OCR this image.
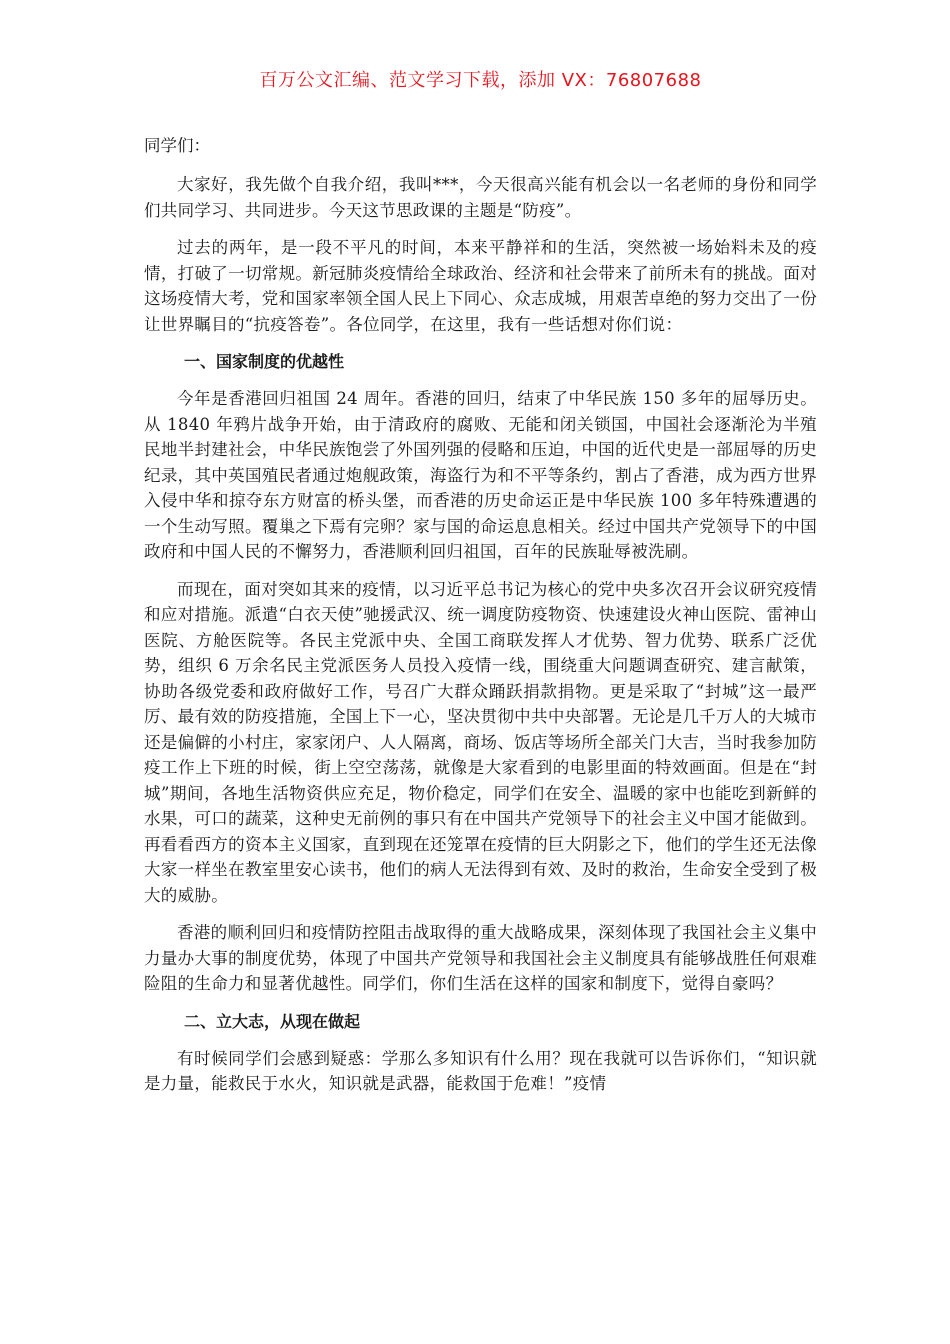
百万公文汇编、范文学习下载，添加 VX：76807688
同学们：

大家好，我先做个自我介绍，我叫***，今天很高兴能有机会以一名老师的身份和同学们共同学习、共同进步。今天这节思政课的主题是“防疫”。

过去的两年，是一段不平凡的时间，本来平静祥和的生活，突然被一场始料未及的疫情，打破了一切常规。新冠肺炎疫情给全球政治、经济和社会带来了前所未有的挑战。面对这场疫情大考，党和国家率领全国人民上下同心、众志成城，用艰苦卓绝的努力交出了一份让世界瞩目的“抗疫答卷”。各位同学，在这里，我有一些话想对你们说：

一、国家制度的优越性

今年是香港回归祖国 24 周年。香港的回归，结束了中华民族 150 多年的屈辱历史。从 1840 年鸦片战争开始，由于清政府的腐败、无能和闭关锁国，中国社会逐渐沦为半殖民地半封建社会，中华民族饱尝了外国列强的侵略和压迫，中国的近代史是一部屈辱的历史纪录，其中英国殖民者通过炮舰政策，海盗行为和不平等条约，割占了香港，成为西方世界入侵中华和掠夺东方财富的桥头堡，而香港的历史命运正是中华民族 100 多年特殊遭遇的一个生动写照。覆巢之下焉有完卵？家与国的命运息息相关。经过中国共产党领导下的中国政府和中国人民的不懈努力，香港顺利回归祖国，百年的民族耻辱被洗刷。

而现在，面对突如其来的疫情，以习近平总书记为核心的党中央多次召开会议研究疫情和应对措施。派遣“白衣天使”驰援武汉、统一调度防疫物资、快速建设火神山医院、雷神山医院、方舱医院等。各民主党派中央、全国工商联发挥人才优势、智力优势、联系广泛优势，组织 6 万余名民主党派医务人员投入疫情一线，围绕重大问题调查研究、建言献策，协助各级党委和政府做好工作，号召广大群众踊跃捐款捐物。更是采取了“封城”这一最严厉、最有效的防疫措施，全国上下一心，坚决贯彻中共中央部署。无论是几千万人的大城市还是偏僻的小村庄，家家闭户、人人隔离，商场、饭店等场所全部关门大吉，当时我参加防疫工作上下班的时候，街上空空荡荡，就像是大家看到的电影里面的特效画面。但是在“封城”期间，各地生活物资供应充足，物价稳定，同学们在安全、温暖的家中也能吃到新鲜的水果，可口的蔬菜，这种史无前例的事只有在中国共产党领导下的社会主义中国才能做到。再看看西方的资本主义国家，直到现在还笼罩在疫情的巨大阴影之下，他们的学生还无法像大家一样坐在教室里安心读书，他们的病人无法得到有效、及时的救治，生命安全受到了极大的威胁。

香港的顺利回归和疫情防控阻击战取得的重大战略成果，深刻体现了我国社会主义集中力量办大事的制度优势，体现了中国共产党领导和我国社会主义制度具有能够战胜任何艰难险阻的生命力和显著优越性。同学们，你们生活在这样的国家和制度下，觉得自豪吗？

二、立大志，从现在做起

有时候同学们会感到疑惑：学那么多知识有什么用？现在我就可以告诉你们，“知识就是力量，能救民于水火，知识就是武器，能救国于危难！”疫情
